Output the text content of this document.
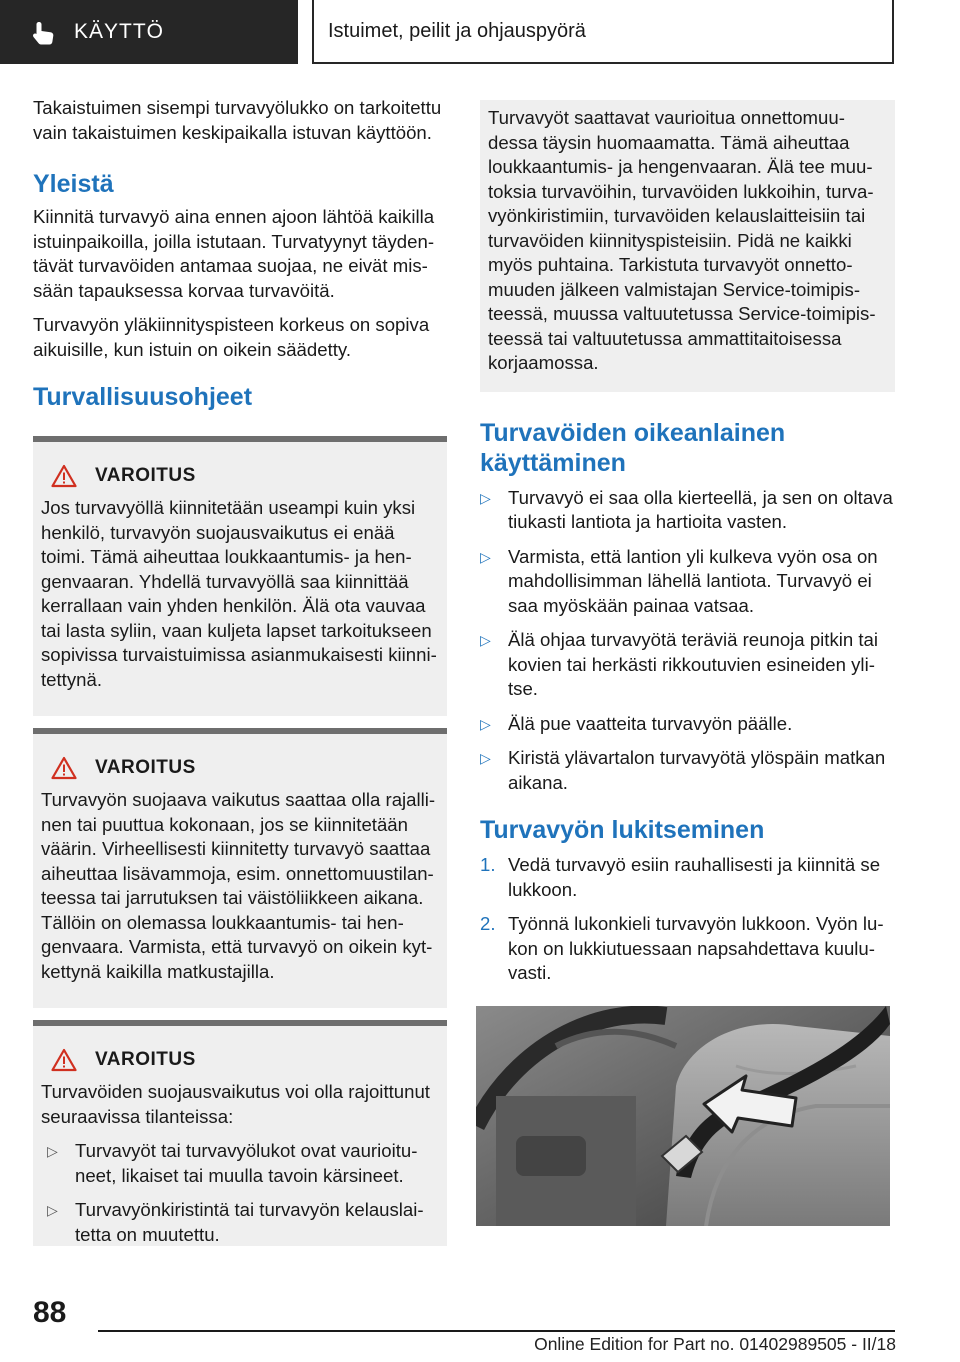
KÄYTTÖ	Istuimet, peilit ja ohjauspyörä

Takaistuimen sisempi turvavyölukko on tarkoitettu vain takaistuimen keskipaikalla istuvan käyttöön.

Yleistä

Kiinnitä turvavyö aina ennen ajoon lähtöä kaikilla istuinpaikoilla, joilla istutaan. Turvatyynyt täydentävät turvavöiden antamaa suojaa, ne eivät missään tapauksessa korvaa turvavöitä.

Turvavyön yläkiinnityspisteen korkeus on sopiva aikuisille, kun istuin on oikein säädetty.

Turvallisuusohjeet
VAROITUS

Jos turvavyöllä kiinnitetään useampi kuin yksi henkilö, turvavyön suojausvaikutus ei enää toimi. Tämä aiheuttaa loukkaantumis- ja hengenvaaran. Yhdellä turvavyöllä saa kiinnittää kerrallaan vain yhden henkilön. Älä ota vauvaa tai lasta syliin, vaan kuljeta lapset tarkoitukseen sopivissa turvaistuimissa asianmukaisesti kiinnitettynä.

VAROITUS

Turvavyön suojaava vaikutus saattaa olla rajallinen tai puuttua kokonaan, jos se kiinnitetään väärin. Virheellisesti kiinnitetty turvavyö saattaa aiheuttaa lisävammoja, esim. onnettomuustilanteessa tai jarrutuksen tai väistöliikkeen aikana. Tällöin on olemassa loukkaantumis- tai hengenvaara. Varmista, että turvavyö on oikein kytkettynä kaikilla matkustajilla.

VAROITUS

Turvavöiden suojausvaikutus voi olla rajoittunut seuraavissa tilanteissa:

▷ Turvavyöt tai turvavyölukot ovat vaurioituneet, likaiset tai muulla tavoin kärsineet.
▷ Turvavyönkiristintä tai turvavyön kelauslaitetta on muutettu.

Turvavyöt saattavat vaurioitua onnettomuudessa täysin huomaamatta. Tämä aiheuttaa loukkaantumis- ja hengenvaaran. Älä tee muutoksia turvavöihin, turvavöiden lukkoihin, turvavyönkiristimiin, turvavöiden kelauslaitteisiin tai turvavöiden kiinnityspisteisiin. Pidä ne kaikki myös puhtaina. Tarkistuta turvavyöt onnettomuuden jälkeen valmistajan Service-toimipisteessä, muussa valtuutetussa Service-toimipisteessä tai valtuutetussa ammattitaitoisessa korjaamossa.

Turvavöiden oikeanlainen
käyttäminen
▷ Turvavyö ei saa olla kierteellä, ja sen on oltava tiukasti lantiota ja hartioita vasten.
▷ Varmista, että lantion yli kulkeva vyön osa on mahdollisimman lähellä lantiota. Turvavyö ei saa myöskään painaa vatsaa.
▷ Älä ohjaa turvavyötä teräviä reunoja pitkin tai kovien tai herkästi rikkoutuvien esineiden ylitse.
▷ Älä pue vaatteita turvavyön päälle.
▷ Kiristä ylävartalon turvavyötä ylöspäin matkan aikana.
Turvavyön lukitseminen
1. Vedä turvavyö esiin rauhallisesti ja kiinnitä se lukkoon.
2. Työnnä lukonkieli turvavyön lukkoon. Vyön lukon on lukkiutuessaan napsahdettava kuuluvasti.
88
Online Edition for Part no. 01402989505 - II/18
